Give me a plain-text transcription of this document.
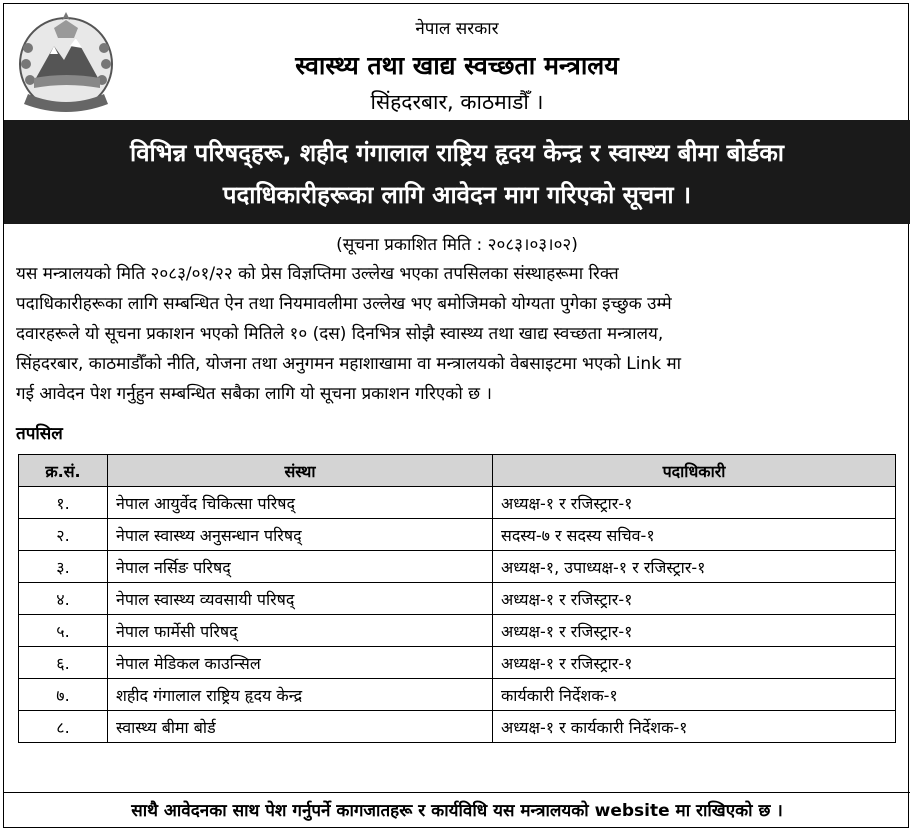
नेपाल सरकार
स्वास्थ्य तथा खाद्य स्वच्छता मन्त्रालय
सिंहदरबार, काठमाडौँ ।
विभिन्न परिषद्हरू, शहीद गंगालाल राष्ट्रिय हृदय केन्द्र र स्वास्थ्य बीमा बोर्डका
पदाधिकारीहरूका लागि आवेदन माग गरिएको सूचना ।
(सूचना प्रकाशित मिति : २०८३।०३।०२)
यस मन्त्रालयको मिति २०८३/०१/२२ को प्रेस विज्ञप्तिमा उल्लेख भएका तपसिलका संस्थाहरूमा रिक्त
पदाधिकारीहरूका लागि सम्बन्धित ऐन तथा नियमावलीमा उल्लेख भए बमोजिमको योग्यता पुगेका इच्छुक उम्मे
दवारहरूले यो सूचना प्रकाशन भएको मितिले १० (दस) दिनभित्र सोझै स्वास्थ्य तथा खाद्य स्वच्छता मन्त्रालय,
सिंहदरबार, काठमाडौँको नीति, योजना तथा अनुगमन महाशाखामा वा मन्त्रालयको वेबसाइटमा भएको Link मा
गई आवेदन पेश गर्नुहुन सम्बन्धित सबैका लागि यो सूचना प्रकाशन गरिएको छ ।
तपसिल
क्र.सं.	संस्था	पदाधिकारी
१.	नेपाल आयुर्वेद चिकित्सा परिषद्	अध्यक्ष-१ र रजिस्ट्रार-१
२.	नेपाल स्वास्थ्य अनुसन्धान परिषद्	सदस्य-७ र सदस्य सचिव-१
३.	नेपाल नर्सिङ परिषद्	अध्यक्ष-१, उपाध्यक्ष-१ र रजिस्ट्रार-१
४.	नेपाल स्वास्थ्य व्यवसायी परिषद्	अध्यक्ष-१ र रजिस्ट्रार-१
५.	नेपाल फार्मेसी परिषद्	अध्यक्ष-१ र रजिस्ट्रार-१
६.	नेपाल मेडिकल काउन्सिल	अध्यक्ष-१ र रजिस्ट्रार-१
७.	शहीद गंगालाल राष्ट्रिय हृदय केन्द्र	कार्यकारी निर्देशक-१
८.	स्वास्थ्य बीमा बोर्ड	अध्यक्ष-१ र कार्यकारी निर्देशक-१
साथै आवेदनका साथ पेश गर्नुपर्ने कागजातहरू र कार्यविधि यस मन्त्रालयको website मा राखिएको छ ।
